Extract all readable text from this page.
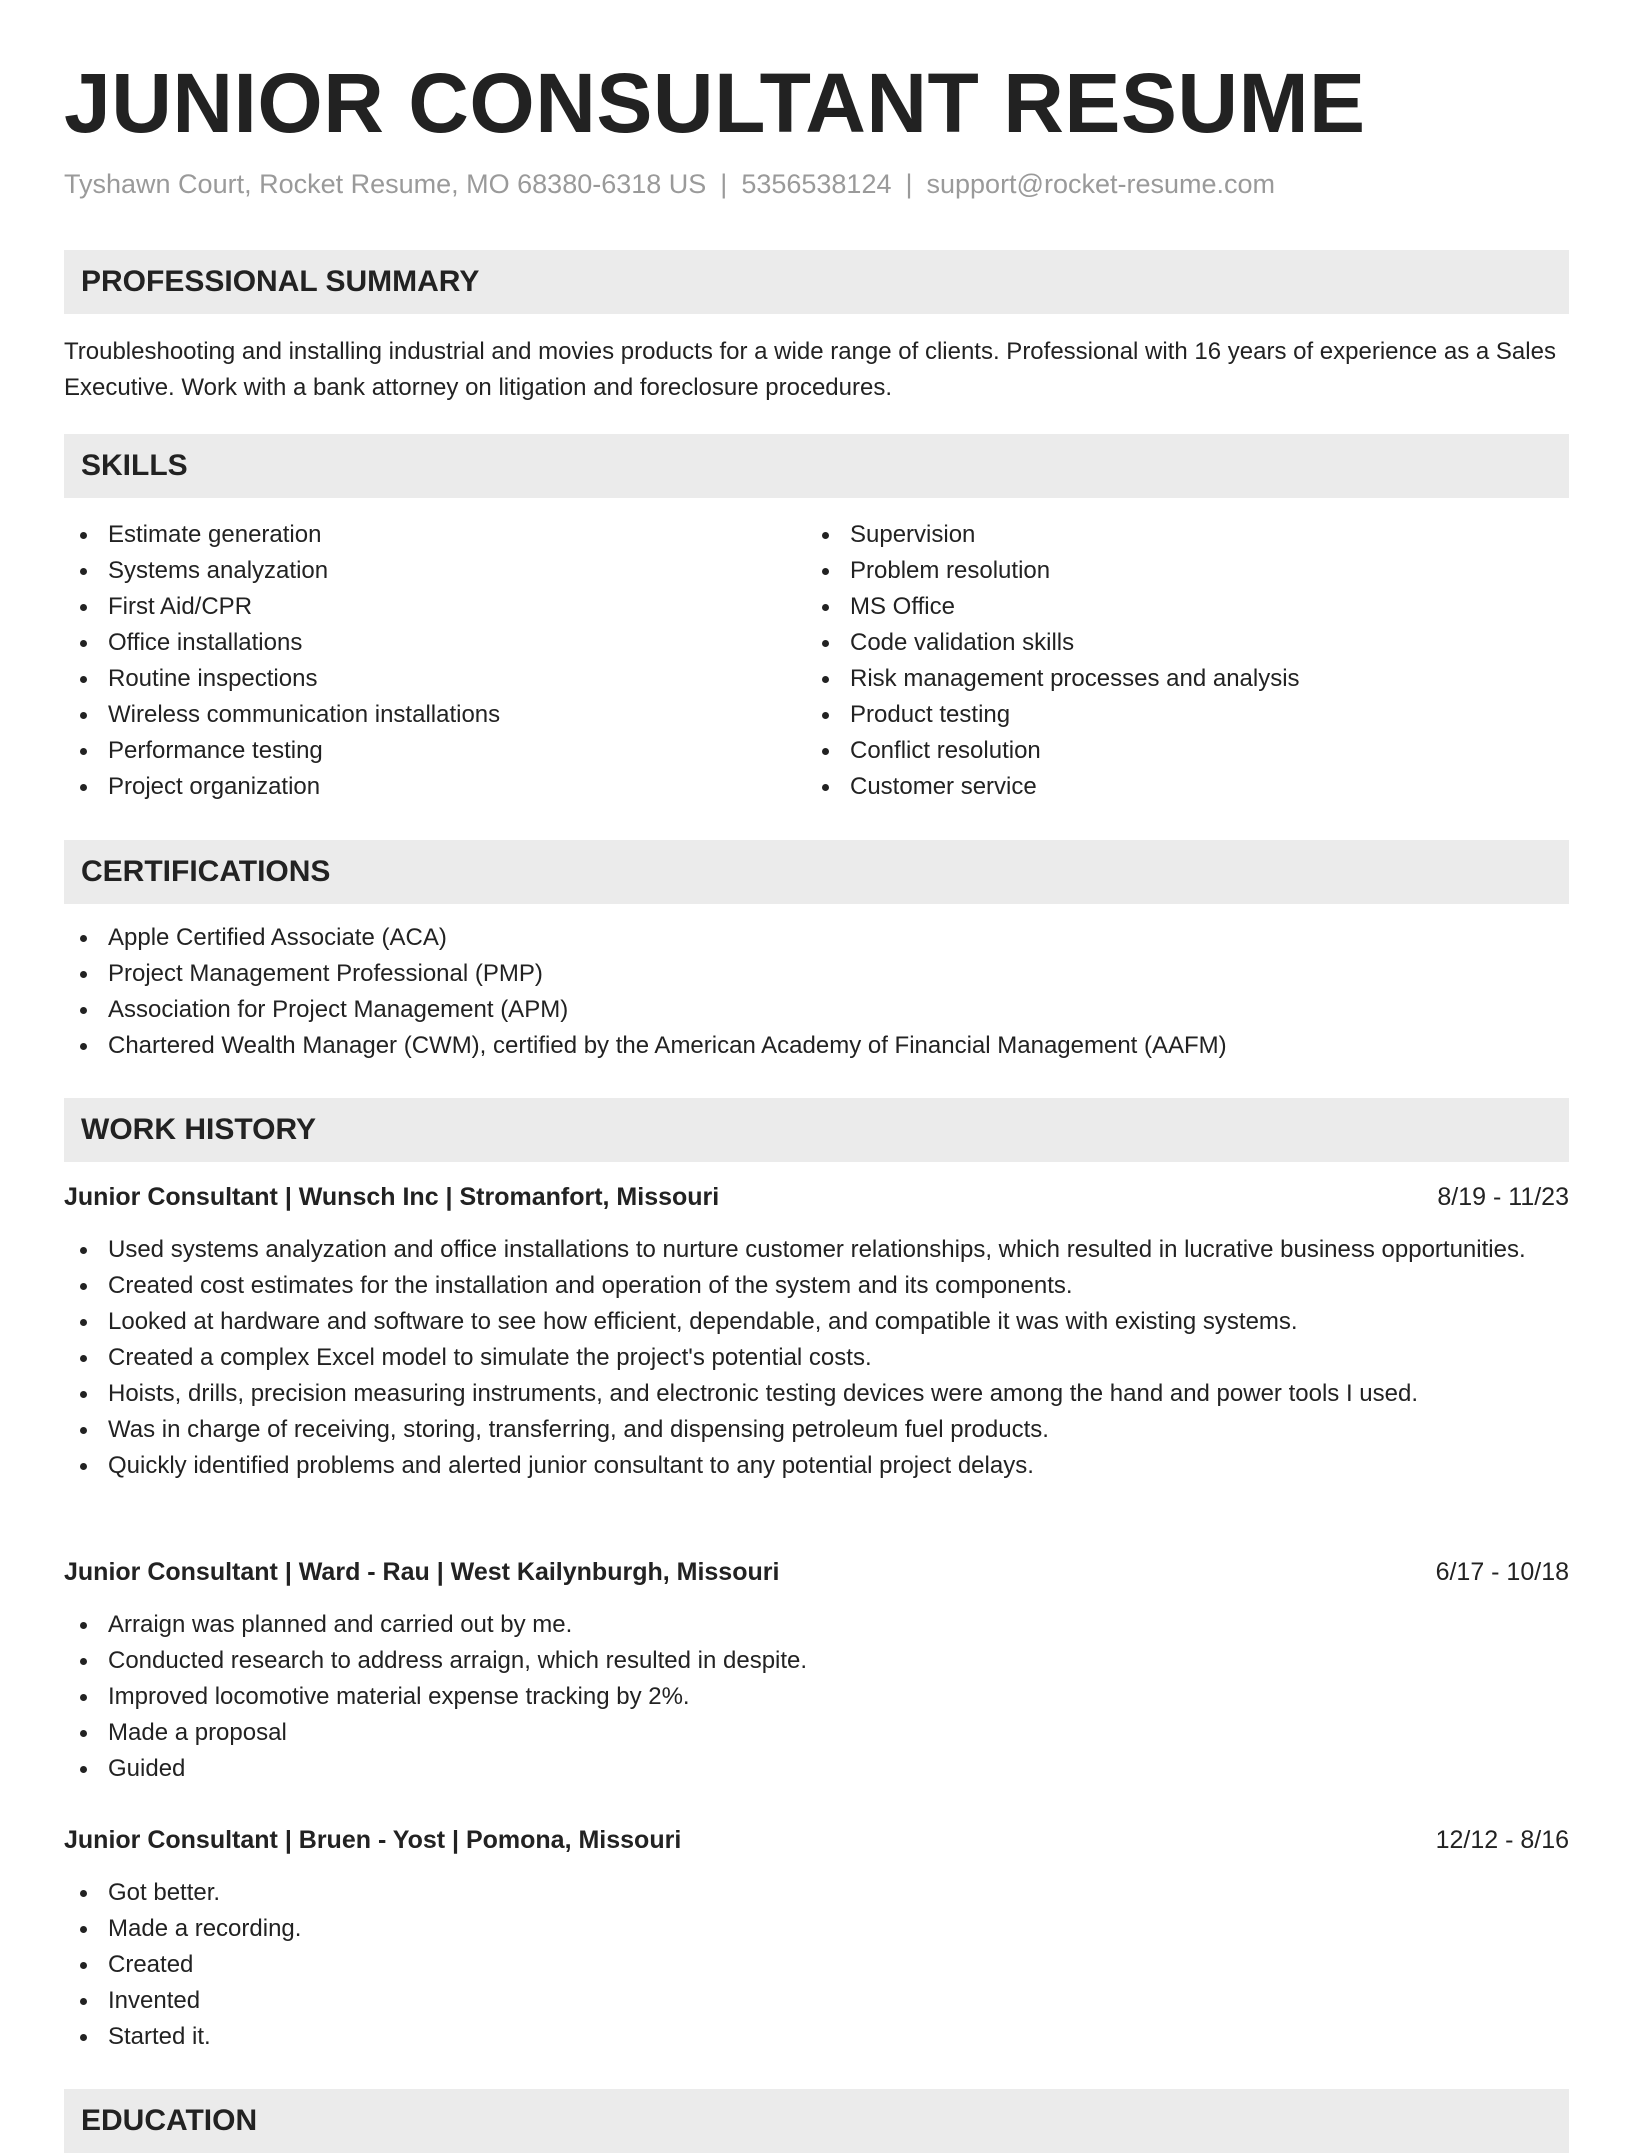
JUNIOR CONSULTANT RESUME
Tyshawn Court, Rocket Resume, MO 68380-6318 US | 5356538124 | support@rocket-resume.com
PROFESSIONAL SUMMARY

Troubleshooting and installing industrial and movies products for a wide range of clients. Professional with 16 years of experience as a Sales Executive. Work with a bank attorney on litigation and foreclosure procedures.

SKILLS
Estimate generation
Systems analyzation
First Aid/CPR
Office installations
Routine inspections
Wireless communication installations
Performance testing
Project organization
Supervision
Problem resolution
MS Office
Code validation skills
Risk management processes and analysis
Product testing
Conflict resolution
Customer service
CERTIFICATIONS
Apple Certified Associate (ACA)
Project Management Professional (PMP)
Association for Project Management (APM)
Chartered Wealth Manager (CWM), certified by the American Academy of Financial Management (AAFM)
WORK HISTORY
Junior Consultant | Wunsch Inc | Stromanfort, Missouri	8/19 - 11/23
Used systems analyzation and office installations to nurture customer relationships, which resulted in lucrative business opportunities.
Created cost estimates for the installation and operation of the system and its components.
Looked at hardware and software to see how efficient, dependable, and compatible it was with existing systems.
Created a complex Excel model to simulate the project's potential costs.
Hoists, drills, precision measuring instruments, and electronic testing devices were among the hand and power tools I used.
Was in charge of receiving, storing, transferring, and dispensing petroleum fuel products.
Quickly identified problems and alerted junior consultant to any potential project delays.
Junior Consultant | Ward - Rau | West Kailynburgh, Missouri	6/17 - 10/18
Arraign was planned and carried out by me.
Conducted research to address arraign, which resulted in despite.
Improved locomotive material expense tracking by 2%.
Made a proposal
Guided
Junior Consultant | Bruen - Yost | Pomona, Missouri	12/12 - 8/16
Got better.
Made a recording.
Created
Invented
Started it.
EDUCATION
